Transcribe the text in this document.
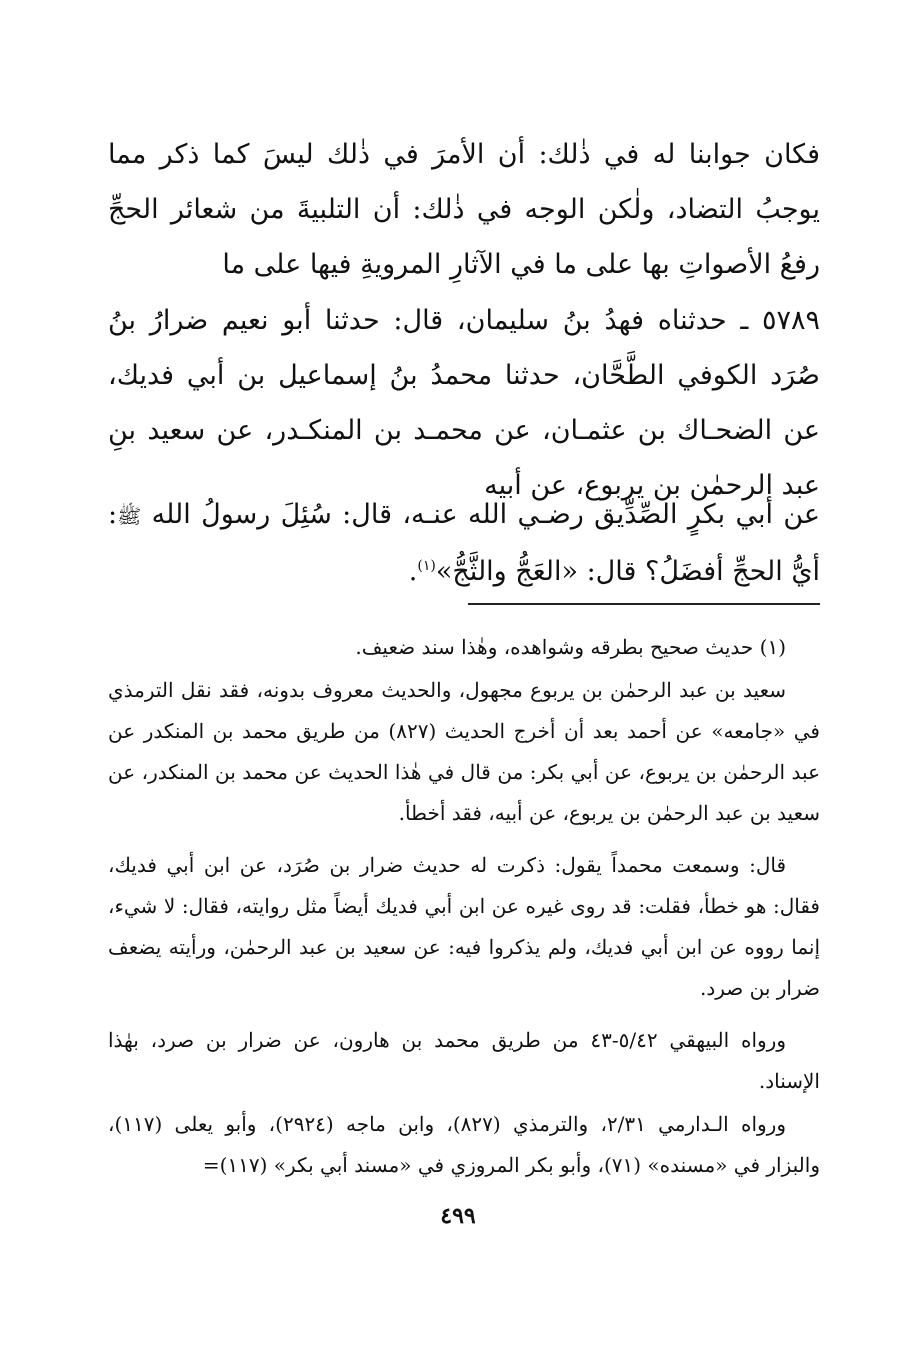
فكان جوابنا له في ذٰلك: أن الأمرَ في ذٰلك ليسَ كما ذكر مما يوجبُ التضاد، ولٰكن الوجه في ذٰلك: أن التلبيةَ من شعائر الحجِّ رفعُ الأصواتِ بها على ما في الآثارِ المرويةِ فيها على ما

٥٧٨٩ ـ حدثناه فهدُ بنُ سليمان، قال: حدثنا أبو نعيم ضرارُ بنُ صُرَد الكوفي الطَّحَّان، حدثنا محمدُ بنُ إسماعيل بن أبي فديك، عن الضحـاك بن عثمـان، عن محمـد بن المنكـدر، عن سعيد بنِ عبد الرحمٰن بن يربوع، عن أبيه

عن أبي بكرٍ الصِّدِّيق رضـي الله عنـه، قال: سُئِلَ رسولُ الله ﷺ: أيُّ الحجِّ أفضَلُ؟ قال: «العَجُّ والثَّجُّ»$^{(١)}$.

(١) حديث صحيح بطرقه وشواهده، وهٰذا سند ضعيف.

سعيد بن عبد الرحمٰن بن يربوع مجهول، والحديث معروف بدونه، فقد نقل الترمذي في «جامعه» عن أحمد بعد أن أخرج الحديث (٨٢٧) من طريق محمد بن المنكدر عن عبد الرحمٰن بن يربوع، عن أبي بكر: من قال في هٰذا الحديث عن محمد بن المنكدر، عن سعيد بن عبد الرحمٰن بن يربوع، عن أبيه، فقد أخطأ.

قال: وسمعت محمداً يقول: ذكرت له حديث ضرار بن صُرَد، عن ابن أبي فديك، فقال: هو خطأ، فقلت: قد روى غيره عن ابن أبي فديك أيضاً مثل روايته، فقال: لا شيء، إنما رووه عن ابن أبي فديك، ولم يذكروا فيه: عن سعيد بن عبد الرحمٰن، ورأيته يضعف ضرار بن صرد.

ورواه البيهقي ٥/٤٢-٤٣ من طريق محمد بن هارون، عن ضرار بن صرد، بهٰذا الإسناد.

ورواه الـدارمي ٢/٣١، والترمذي (٨٢٧)، وابن ماجه (٢٩٢٤)، وأبو يعلى (١١٧)، والبزار في «مسنده» (٧١)، وأبو بكر المروزي في «مسند أبي بكر» (١١٧)=

٤٩٩
